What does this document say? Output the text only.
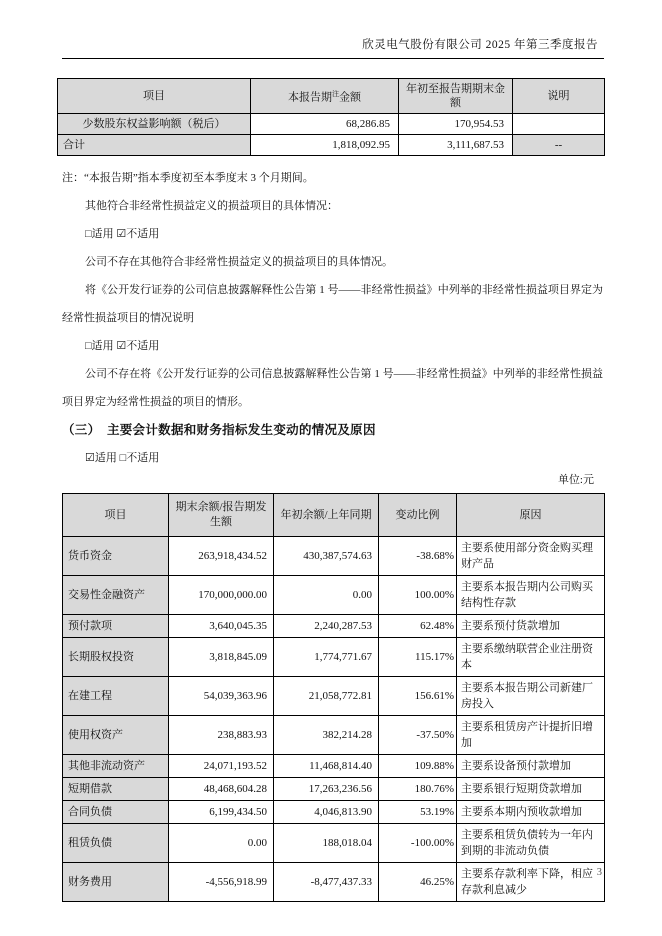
欣灵电气股份有限公司 2025 年第三季度报告
项目	本报告期$^注$金额	年初至报告期期末金额	说明
少数股东权益影响额（税后）	68,286.85	170,954.53	
合计	1,818,092.95	3,111,687.53	--

注：“本报告期”指本季度初至本季度末 3 个月期间。

其他符合非经常性损益定义的损益项目的具体情况：

□适用 ☑不适用

公司不存在其他符合非经常性损益定义的损益项目的具体情况。

将《公开发行证券的公司信息披露解释性公告第 1 号——非经常性损益》中列举的非经常性损益项目界定为经常性损益项目的情况说明

□适用 ☑不适用

公司不存在将《公开发行证券的公司信息披露解释性公告第 1 号——非经常性损益》中列举的非经常性损益项目界定为经常性损益的项目的情形。

（三）　主要会计数据和财务指标发生变动的情况及原因

☑适用 □不适用

单位:元
项目	期末余额/报告期发生额	年初余额/上年同期	变动比例	原因
货币资金	263,918,434.52	430,387,574.63	-38.68%	主要系使用部分资金购买理财产品
交易性金融资产	170,000,000.00	0.00	100.00%	主要系本报告期内公司购买结构性存款
预付款项	3,640,045.35	2,240,287.53	62.48%	主要系预付货款增加
长期股权投资	3,818,845.09	1,774,771.67	115.17%	主要系缴纳联营企业注册资本
在建工程	54,039,363.96	21,058,772.81	156.61%	主要系本报告期公司新建厂房投入
使用权资产	238,883.93	382,214.28	-37.50%	主要系租赁房产计提折旧增加
其他非流动资产	24,071,193.52	11,468,814.40	109.88%	主要系设备预付款增加
短期借款	48,468,604.28	17,263,236.56	180.76%	主要系银行短期贷款增加
合同负债	6,199,434.50	4,046,813.90	53.19%	主要系本期内预收款增加
租赁负债	0.00	188,018.04	-100.00%	主要系租赁负债转为一年内到期的非流动负债
财务费用	-4,556,918.99	-8,477,437.33	46.25%	主要系存款利率下降，相应存款利息减少
3
